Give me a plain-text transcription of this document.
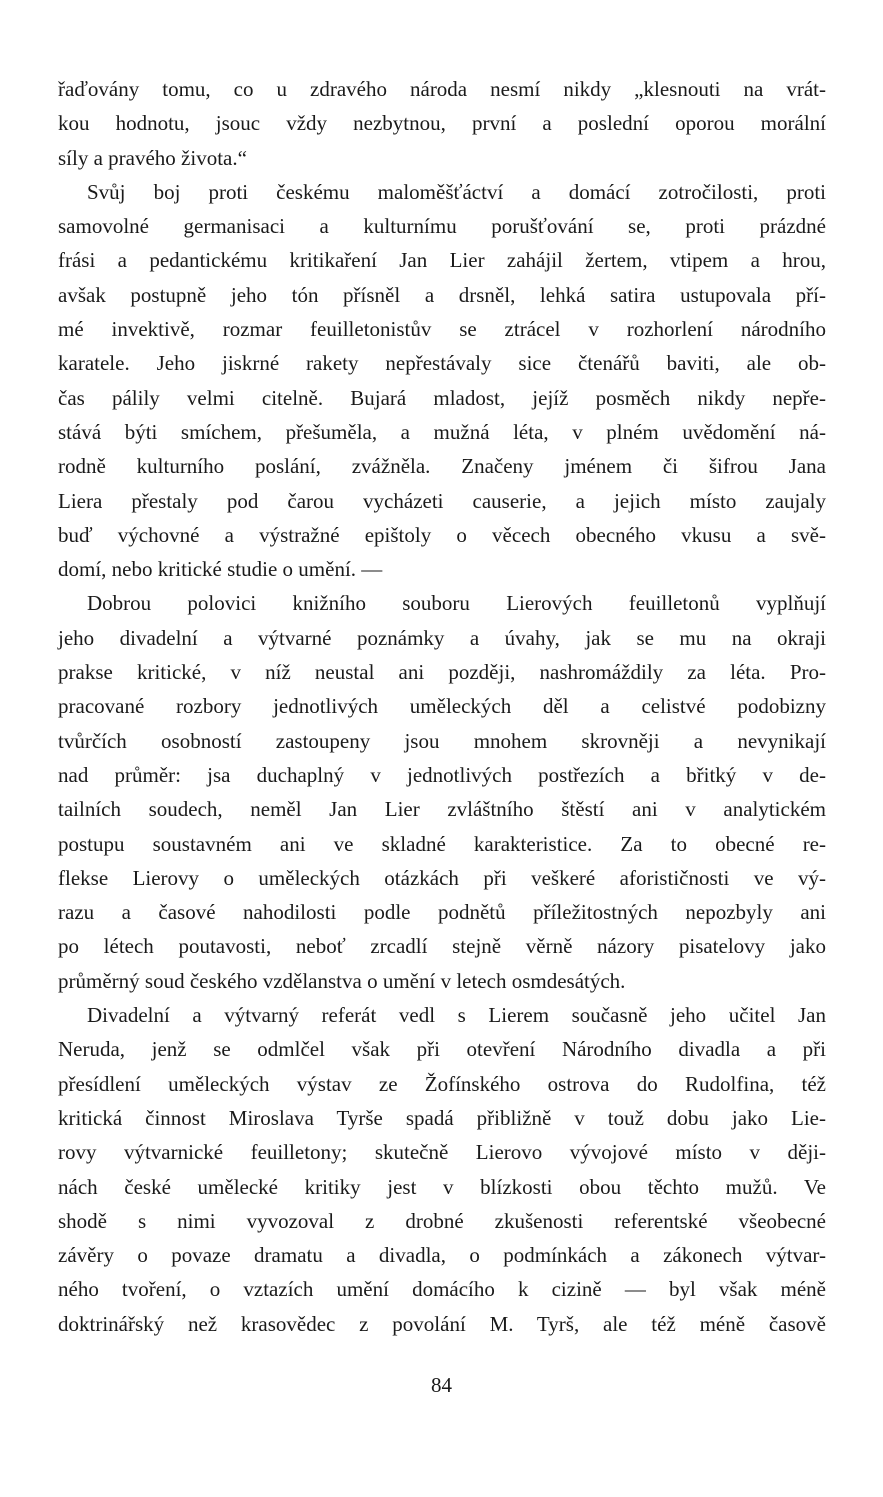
řaďovány tomu, co u zdravého národa nesmí nikdy „klesnouti na vrát-
kou hodnotu, jsouc vždy nezbytnou, první a poslední oporou morální
síly a pravého života.“
Svůj boj proti českému maloměšťáctví a domácí zotročilosti, proti
samovolné germanisaci a kulturnímu porušťování se, proti prázdné
frási a pedantickému kritikaření Jan Lier zahájil žertem, vtipem a hrou,
avšak postupně jeho tón přísněl a drsněl, lehká satira ustupovala pří-
mé invektivě, rozmar feuilletonistův se ztrácel v rozhorlení národního
karatele. Jeho jiskrné rakety nepřestávaly sice čtenářů baviti, ale ob-
čas pálily velmi citelně. Bujará mladost, jejíž posměch nikdy nepře-
stává býti smíchem, přešuměla, a mužná léta, v plném uvědomění ná-
rodně kulturního poslání, zvážněla. Značeny jménem či šifrou Jana
Liera přestaly pod čarou vycházeti causerie, a jejich místo zaujaly
buď výchovné a výstražné epištoly o věcech obecného vkusu a svě-
domí, nebo kritické studie o umění. —
Dobrou polovici knižního souboru Lierových feuilletonů vyplňují
jeho divadelní a výtvarné poznámky a úvahy, jak se mu na okraji
prakse kritické, v níž neustal ani později, nashromáždily za léta. Pro-
pracované rozbory jednotlivých uměleckých děl a celistvé podobizny
tvůrčích osobností zastoupeny jsou mnohem skrovněji a nevynikají
nad průměr: jsa duchaplný v jednotlivých postřezích a břitký v de-
tailních soudech, neměl Jan Lier zvláštního štěstí ani v analytickém
postupu soustavném ani ve skladné karakteristice. Za to obecné re-
flekse Lierovy o uměleckých otázkách při veškeré aforističnosti ve vý-
razu a časové nahodilosti podle podnětů příležitostných nepozbyly ani
po létech poutavosti, neboť zrcadlí stejně věrně názory pisatelovy jako
průměrný soud českého vzdělanstva o umění v letech osmdesátých.
Divadelní a výtvarný referát vedl s Lierem současně jeho učitel Jan
Neruda, jenž se odmlčel však při otevření Národního divadla a při
přesídlení uměleckých výstav ze Žofínského ostrova do Rudolfina, též
kritická činnost Miroslava Tyrše spadá přibližně v touž dobu jako Lie-
rovy výtvarnické feuilletony; skutečně Lierovo vývojové místo v ději-
nách české umělecké kritiky jest v blízkosti obou těchto mužů. Ve
shodě s nimi vyvozoval z drobné zkušenosti referentské všeobecné
závěry o povaze dramatu a divadla, o podmínkách a zákonech výtvar-
ného tvoření, o vztazích umění domácího k cizině — byl však méně
doktrinářský než krasovědec z povolání M. Tyrš, ale též méně časově
84
